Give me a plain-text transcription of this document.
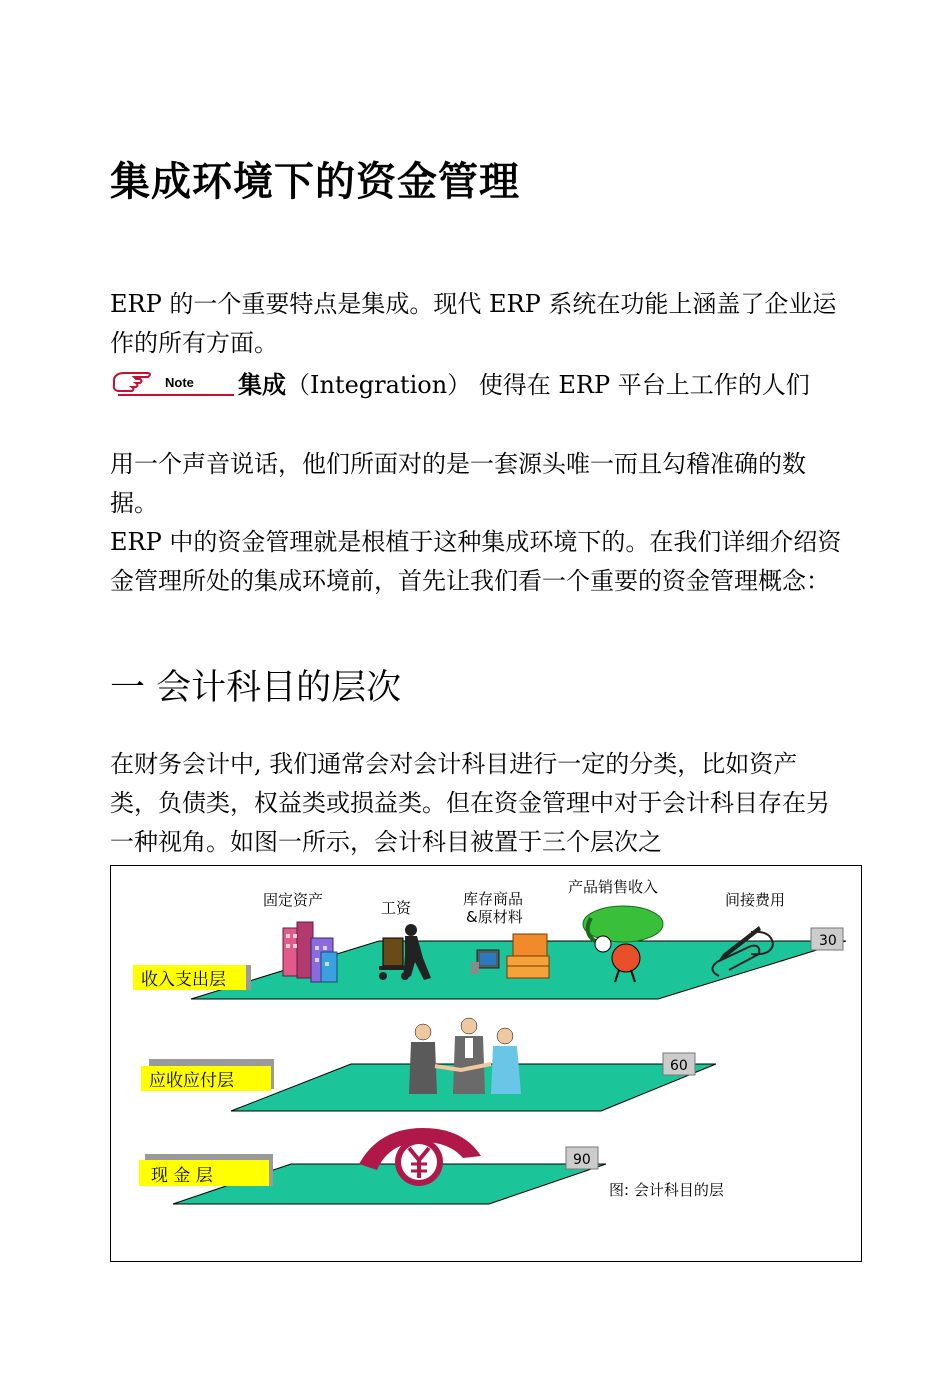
集成环境下的资金管理

ERP 的一个重要特点是集成。现代 ERP 系统在功能上涵盖了企业运作的所有方面。

Note 集成 （Integration） 使得在 ERP 平台上工作的人们

用一个声音说话，他们所面对的是一套源头唯一而且勾稽准确的数据。

ERP 中的资金管理就是根植于这种集成环境下的。在我们详细介绍资金管理所处的集成环境前，首先让我们看一个重要的资金管理概念：

一 会计科目的层次

在财务会计中, 我们通常会对会计科目进行一定的分类，比如资产类，负债类，权益类或损益类。但在资金管理中对于会计科目存在另一种视角。如图一所示，会计科目被置于三个层次之

收入支出层
30
应收应付层
60
现 金 层
90
固定资产	工资	库存商品
&原材料
产品销售收入
间接费用
图: 会计科目的层
